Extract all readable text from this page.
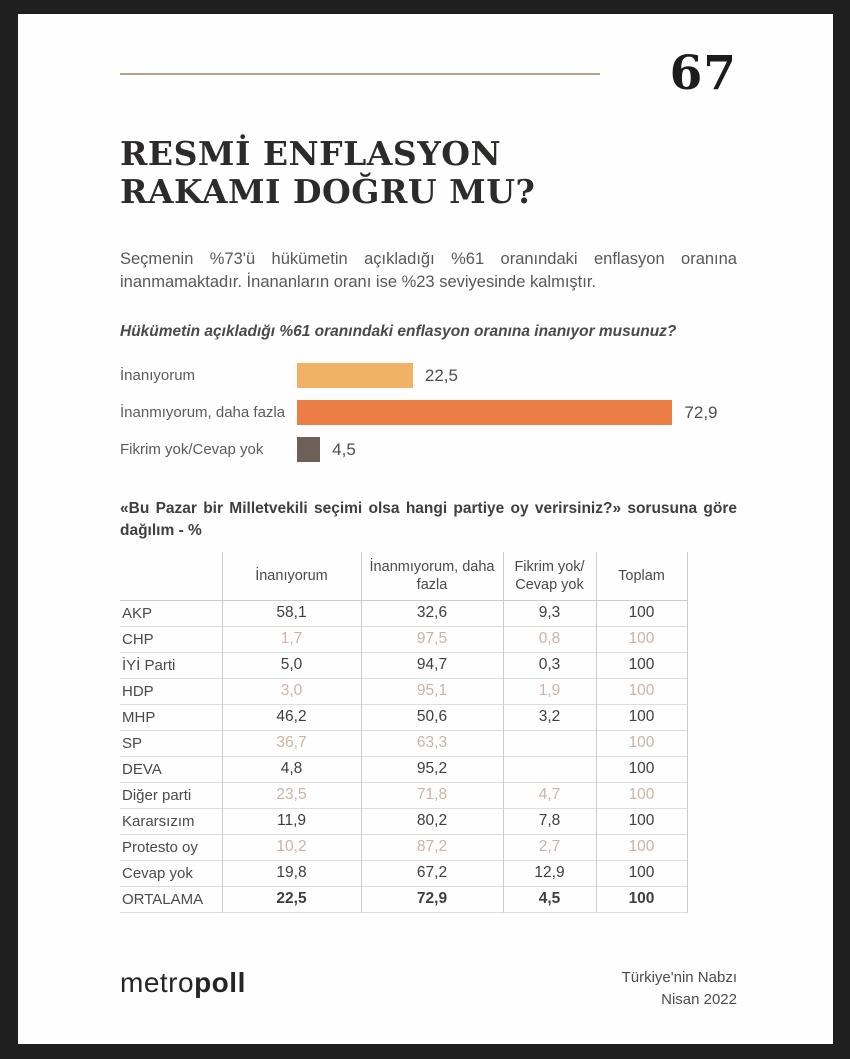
67
RESMİ ENFLASYON
RAKAMI DOĞRU MU?

Seçmenin %73'ü hükümetin açıkladığı %61 oranındaki enflasyon oranına inanmamaktadır. İnananların oranı ise %23 seviyesinde kalmıştır.

Hükümetin açıkladığı %61 oranındaki enflasyon oranına inanıyor musunuz?

İnanıyorum	22,5
İnanmıyorum, daha fazla	72,9
Fikrim yok/Cevap yok	4,5

«Bu Pazar bir Milletvekili seçimi olsa hangi partiye oy verirsiniz?» sorusuna göre dağılım - %

	İnanıyorum	İnanmıyorum, daha fazla	Fikrim yok/ Cevap yok	Toplam
AKP	58,1	32,6	9,3	100
CHP	1,7	97,5	0,8	100
İYİ Parti	5,0	94,7	0,3	100
HDP	3,0	95,1	1,9	100
MHP	46,2	50,6	3,2	100
SP	36,7	63,3		100
DEVA	4,8	95,2		100
Diğer parti	23,5	71,8	4,7	100
Kararsızım	11,9	80,2	7,8	100
Protesto oy	10,2	87,2	2,7	100
Cevap yok	19,8	67,2	12,9	100
ORTALAMA	22,5	72,9	4,5	100
metropoll	Türkiye'nin Nabzı
Nisan 2022
